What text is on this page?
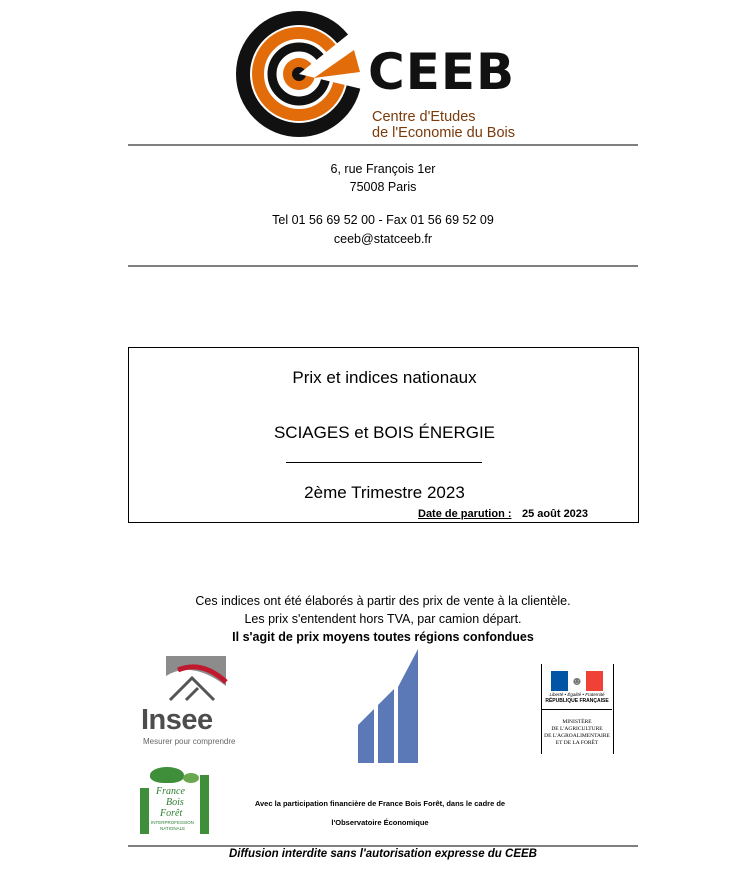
CEEB
Centre d'Etudes
de l'Economie du Bois
6, rue François 1er
75008 Paris
Tel 01 56 69 52 00 - Fax 01 56 69 52 09
ceeb@statceeb.fr
Prix et indices nationaux
SCIAGES et BOIS ÉNERGIE
2ème Trimestre 2023
Date de parution : 25 août 2023
Ces indices ont été élaborés à partir des prix de vente à la clientèle.
Les prix s'entendent hors TVA, par camion départ.
Il s'agit de prix moyens toutes régions confondues
Insee
Mesurer pour comprendre
☻
Liberté • Égalité • Fraternité
RÉPUBLIQUE FRANÇAISE
MINISTÈRE
DE L'AGRICULTURE
DE L'AGROALIMENTAIRE
ET DE LA FORÊT
France
Bois
Forêt
INTERPROFESSION
NATIONALE
Avec la participation financière de France Bois Forêt, dans le cadre de
l'Observatoire Économique
Diffusion interdite sans l'autorisation expresse du CEEB
